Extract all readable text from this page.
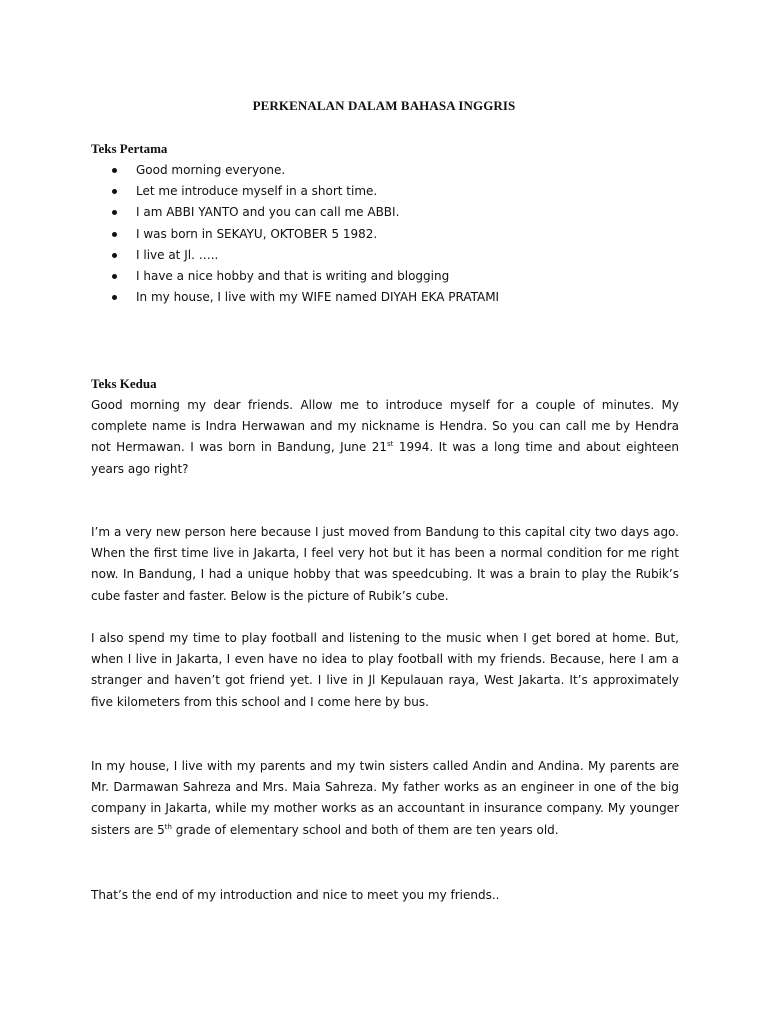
PERKENALAN DALAM BAHASA INGGRIS
Teks Pertama
Good morning everyone.
Let me introduce myself in a short time.
I am ABBI YANTO and you can call me ABBI.
I was born in SEKAYU, OKTOBER 5 1982.
I live at Jl. …..
I have a nice hobby and that is writing and blogging
In my house, I live with my WIFE named DIYAH EKA PRATAMI
Teks Kedua

Good morning my dear friends. Allow me to introduce myself for a couple of minutes. My complete name is Indra Herwawan and my nickname is Hendra. So you can call me by Hendra not Hermawan. I was born in Bandung, June 21st 1994. It was a long time and about eighteen years ago right?

I’m a very new person here because I just moved from Bandung to this capital city two days ago. When the first time live in Jakarta, I feel very hot but it has been a normal condition for me right now. In Bandung, I had a unique hobby that was speedcubing. It was a brain to play the Rubik’s cube faster and faster. Below is the picture of Rubik’s cube.

I also spend my time to play football and listening to the music when I get bored at home. But, when I live in Jakarta, I even have no idea to play football with my friends. Because, here I am a stranger and haven’t got friend yet. I live in Jl Kepulauan raya, West Jakarta. It’s approximately five kilometers from this school and I come here by bus.

In my house, I live with my parents and my twin sisters called Andin and Andina. My parents are Mr. Darmawan Sahreza and Mrs. Maia Sahreza. My father works as an engineer in one of the big company in Jakarta, while my mother works as an accountant in insurance company. My younger sisters are 5th grade of elementary school and both of them are ten years old.

That’s the end of my introduction and nice to meet you my friends..
